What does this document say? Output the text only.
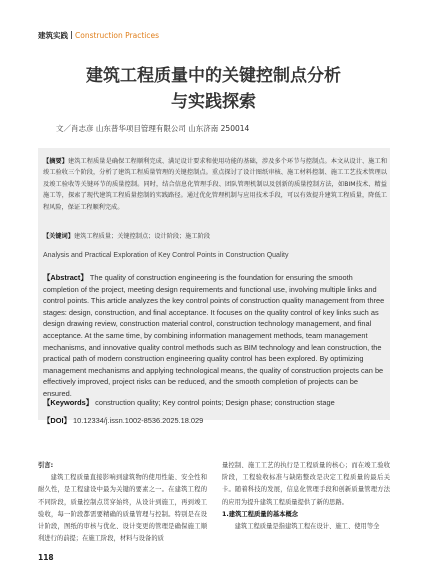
建筑实践 Construction Practices
建筑工程质量中的关键控制点分析
与实践探索
文／肖志彦 山东普华项目管理有限公司 山东济南 250014
【摘要】建筑工程质量是确保工程顺利完成、满足设计要求和使用功能的基础，涉及多个环节与控制点。本文从设计、施工和竣工验收三个阶段，分析了建筑工程质量管理的关键控制点。重点探讨了设计图纸审核、施工材料控制、施工工艺技术管理以及竣工验收等关键环节的质量控制。同时，结合信息化管理手段、团队管理机制以及创新的质量控制方法，如BIM技术、精益施工等，探索了现代建筑工程质量控制的实践路径。通过优化管理机制与应用技术手段，可以有效提升建筑工程质量，降低工程风险，保证工程顺利完成。
【关键词】建筑工程质量；关键控制点；设计阶段；施工阶段
Analysis and Practical Exploration of Key Control Points in Construction Quality
【Abstract】 The quality of construction engineering is the foundation for ensuring the smooth completion of the project, meeting design requirements and functional use, involving multiple links and control points. This article analyzes the key control points of construction quality management from three stages: design, construction, and final acceptance. It focuses on the quality control of key links such as design drawing review, construction material control, construction technology management, and final acceptance. At the same time, by combining information management methods, team management mechanisms, and innovative quality control methods such as BIM technology and lean construction, the practical path of modern construction engineering quality control has been explored. By optimizing management mechanisms and applying technological means, the quality of construction projects can be effectively improved, project risks can be reduced, and the smooth completion of projects can be ensured.
【Keywords】 construction quality; Key control points; Design phase; construction stage
【DOI】 10.12334/j.issn.1002-8536.2025.18.029
引言:

建筑工程质量直接影响到建筑物的使用性能、安全性和耐久性，是工程建设中最为关键的要素之一。在建筑工程的不同阶段，质量控制点贯穿始终，从设计到施工，再到竣工验收，每一阶段都需要精确的质量管理与控制。特别是在设计阶段，图纸的审核与优化、设计变更的管理是确保施工顺利进行的前提；在施工阶段，材料与设备的质

量控制、施工工艺的执行是工程质量的核心；而在竣工验收阶段，工程验收标准与缺陷整改是决定工程质量的最后关卡。随着科技的发展，信息化管理手段和创新质量管理方法的应用为提升建筑工程质量提供了新的思路。
1.建筑工程质量的基本概念

建筑工程质量是指建筑工程在设计、施工、使用等全

118
